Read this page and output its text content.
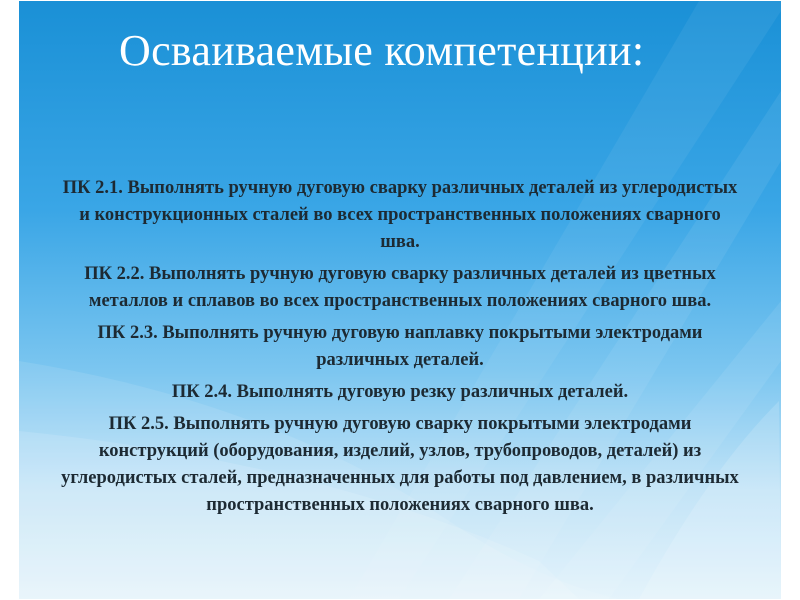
Осваиваемые компетенции:
ПК 2.1. Выполнять ручную дуговую сварку различных деталей из углеродистых и конструкционных сталей во всех пространственных положениях сварного шва.
ПК 2.2. Выполнять ручную дуговую сварку различных деталей из цветных металлов и сплавов во всех пространственных положениях сварного шва.
ПК 2.3. Выполнять ручную дуговую наплавку покрытыми электродами различных деталей.
ПК 2.4. Выполнять дуговую резку различных деталей.
ПК 2.5. Выполнять ручную дуговую сварку покрытыми электродами конструкций (оборудования, изделий, узлов, трубопроводов, деталей) из углеродистых сталей, предназначенных для работы под давлением, в различных пространственных положениях сварного шва.
